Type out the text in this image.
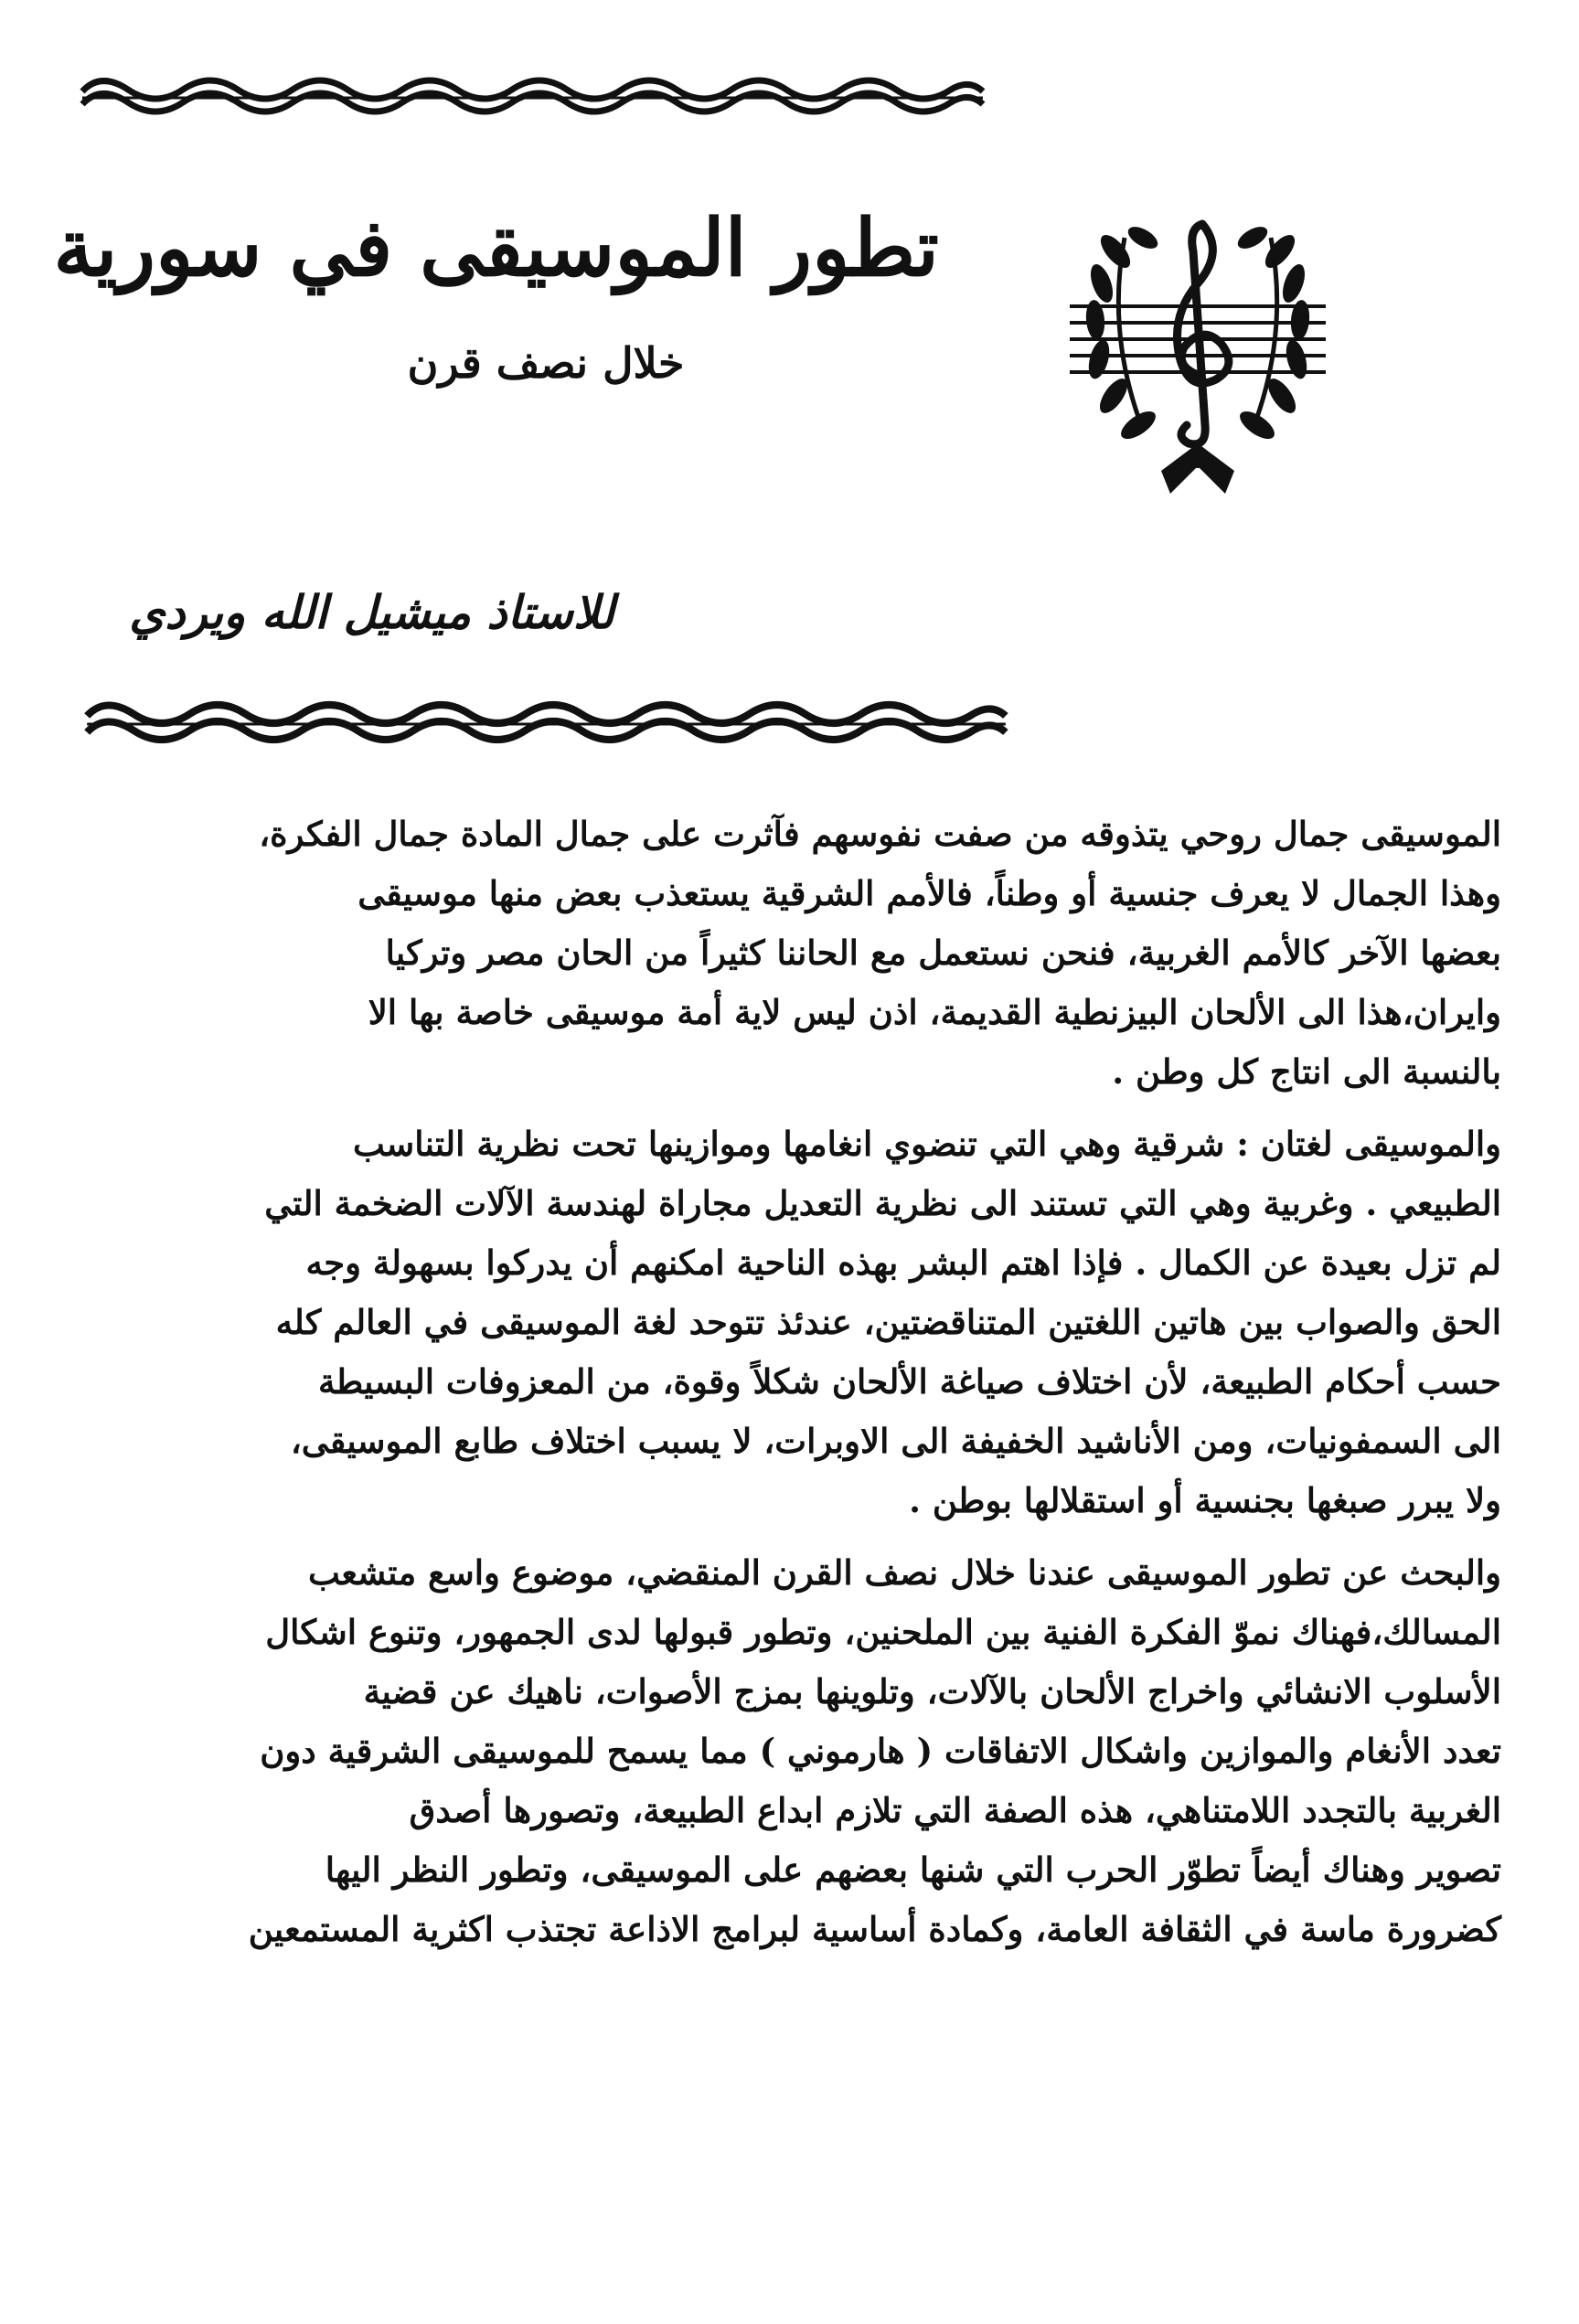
تطور الموسيقى في سورية
خلال نصف قرن
للاستاذ ميشيل الله ويردي

الموسيقى جمال روحي يتذوقه من صفت نفوسهم فآثرت على جمال المادة جمال الفكرة،
وهذا الجمال لا يعرف جنسية أو وطناً، فالأمم الشرقية يستعذب بعض منها موسيقى
بعضها الآخر كالأمم الغربية، فنحن نستعمل مع الحاننا كثيراً من الحان مصر وتركيا
وايران،هذا الى الألحان البيزنطية القديمة، اذن ليس لاية أمة موسيقى خاصة بها الا
بالنسبة الى انتاج كل وطن .

والموسيقى لغتان : شرقية وهي التي تنضوي انغامها وموازينها تحت نظرية التناسب
الطبيعي . وغربية وهي التي تستند الى نظرية التعديل مجاراة لهندسة الآلات الضخمة التي
لم تزل بعيدة عن الكمال . فإذا اهتم البشر بهذه الناحية امكنهم أن يدركوا بسهولة وجه
الحق والصواب بين هاتين اللغتين المتناقضتين، عندئذ تتوحد لغة الموسيقى في العالم كله
حسب أحكام الطبيعة، لأن اختلاف صياغة الألحان شكلاً وقوة، من المعزوفات البسيطة
الى السمفونيات، ومن الأناشيد الخفيفة الى الاوبرات، لا يسبب اختلاف طابع الموسيقى،
ولا يبرر صبغها بجنسية أو استقلالها بوطن .

والبحث عن تطور الموسيقى عندنا خلال نصف القرن المنقضي، موضوع واسع متشعب
المسالك،فهناك نموّ الفكرة الفنية بين الملحنين، وتطور قبولها لدى الجمهور، وتنوع اشكال
الأسلوب الانشائي واخراج الألحان بالآلات، وتلوينها بمزج الأصوات، ناهيك عن قضية
تعدد الأنغام والموازين واشكال الاتفاقات ( هارموني ) مما يسمح للموسيقى الشرقية دون
الغربية بالتجدد اللامتناهي، هذه الصفة التي تلازم ابداع الطبيعة، وتصورها أصدق
تصوير وهناك أيضاً تطوّر الحرب التي شنها بعضهم على الموسيقى، وتطور النظر اليها
كضرورة ماسة في الثقافة العامة، وكمادة أساسية لبرامج الاذاعة تجتذب اكثرية المستمعين
